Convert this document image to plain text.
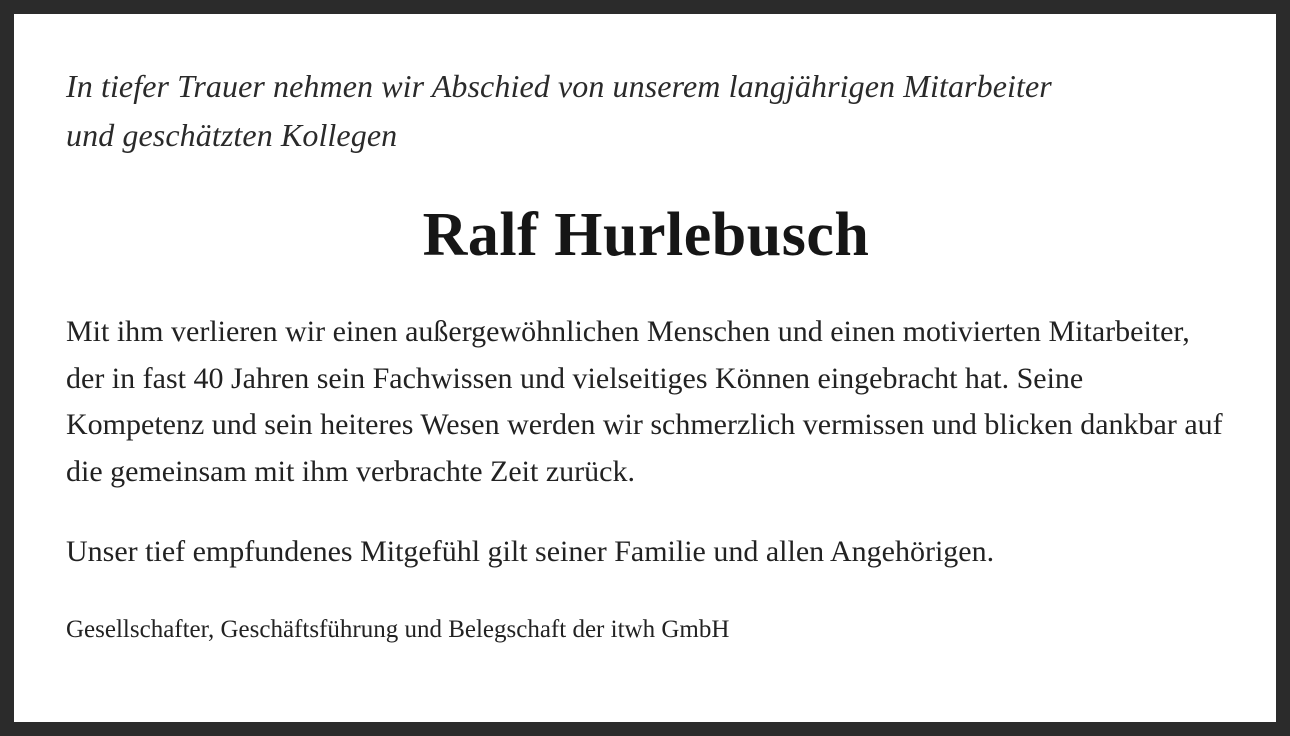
In tiefer Trauer nehmen wir Abschied von unserem langjährigen Mitarbeiter und geschätzten Kollegen

Ralf Hurlebusch

Mit ihm verlieren wir einen außergewöhnlichen Menschen und einen motivierten Mitarbeiter, der in fast 40 Jahren sein Fachwissen und vielseitiges Können eingebracht hat. Seine Kompetenz und sein heiteres Wesen werden wir schmerzlich vermissen und blicken dankbar auf die gemeinsam mit ihm verbrachte Zeit zurück.

Unser tief empfundenes Mitgefühl gilt seiner Familie und allen Angehörigen.

Gesellschafter, Geschäftsführung und Belegschaft der itwh GmbH
